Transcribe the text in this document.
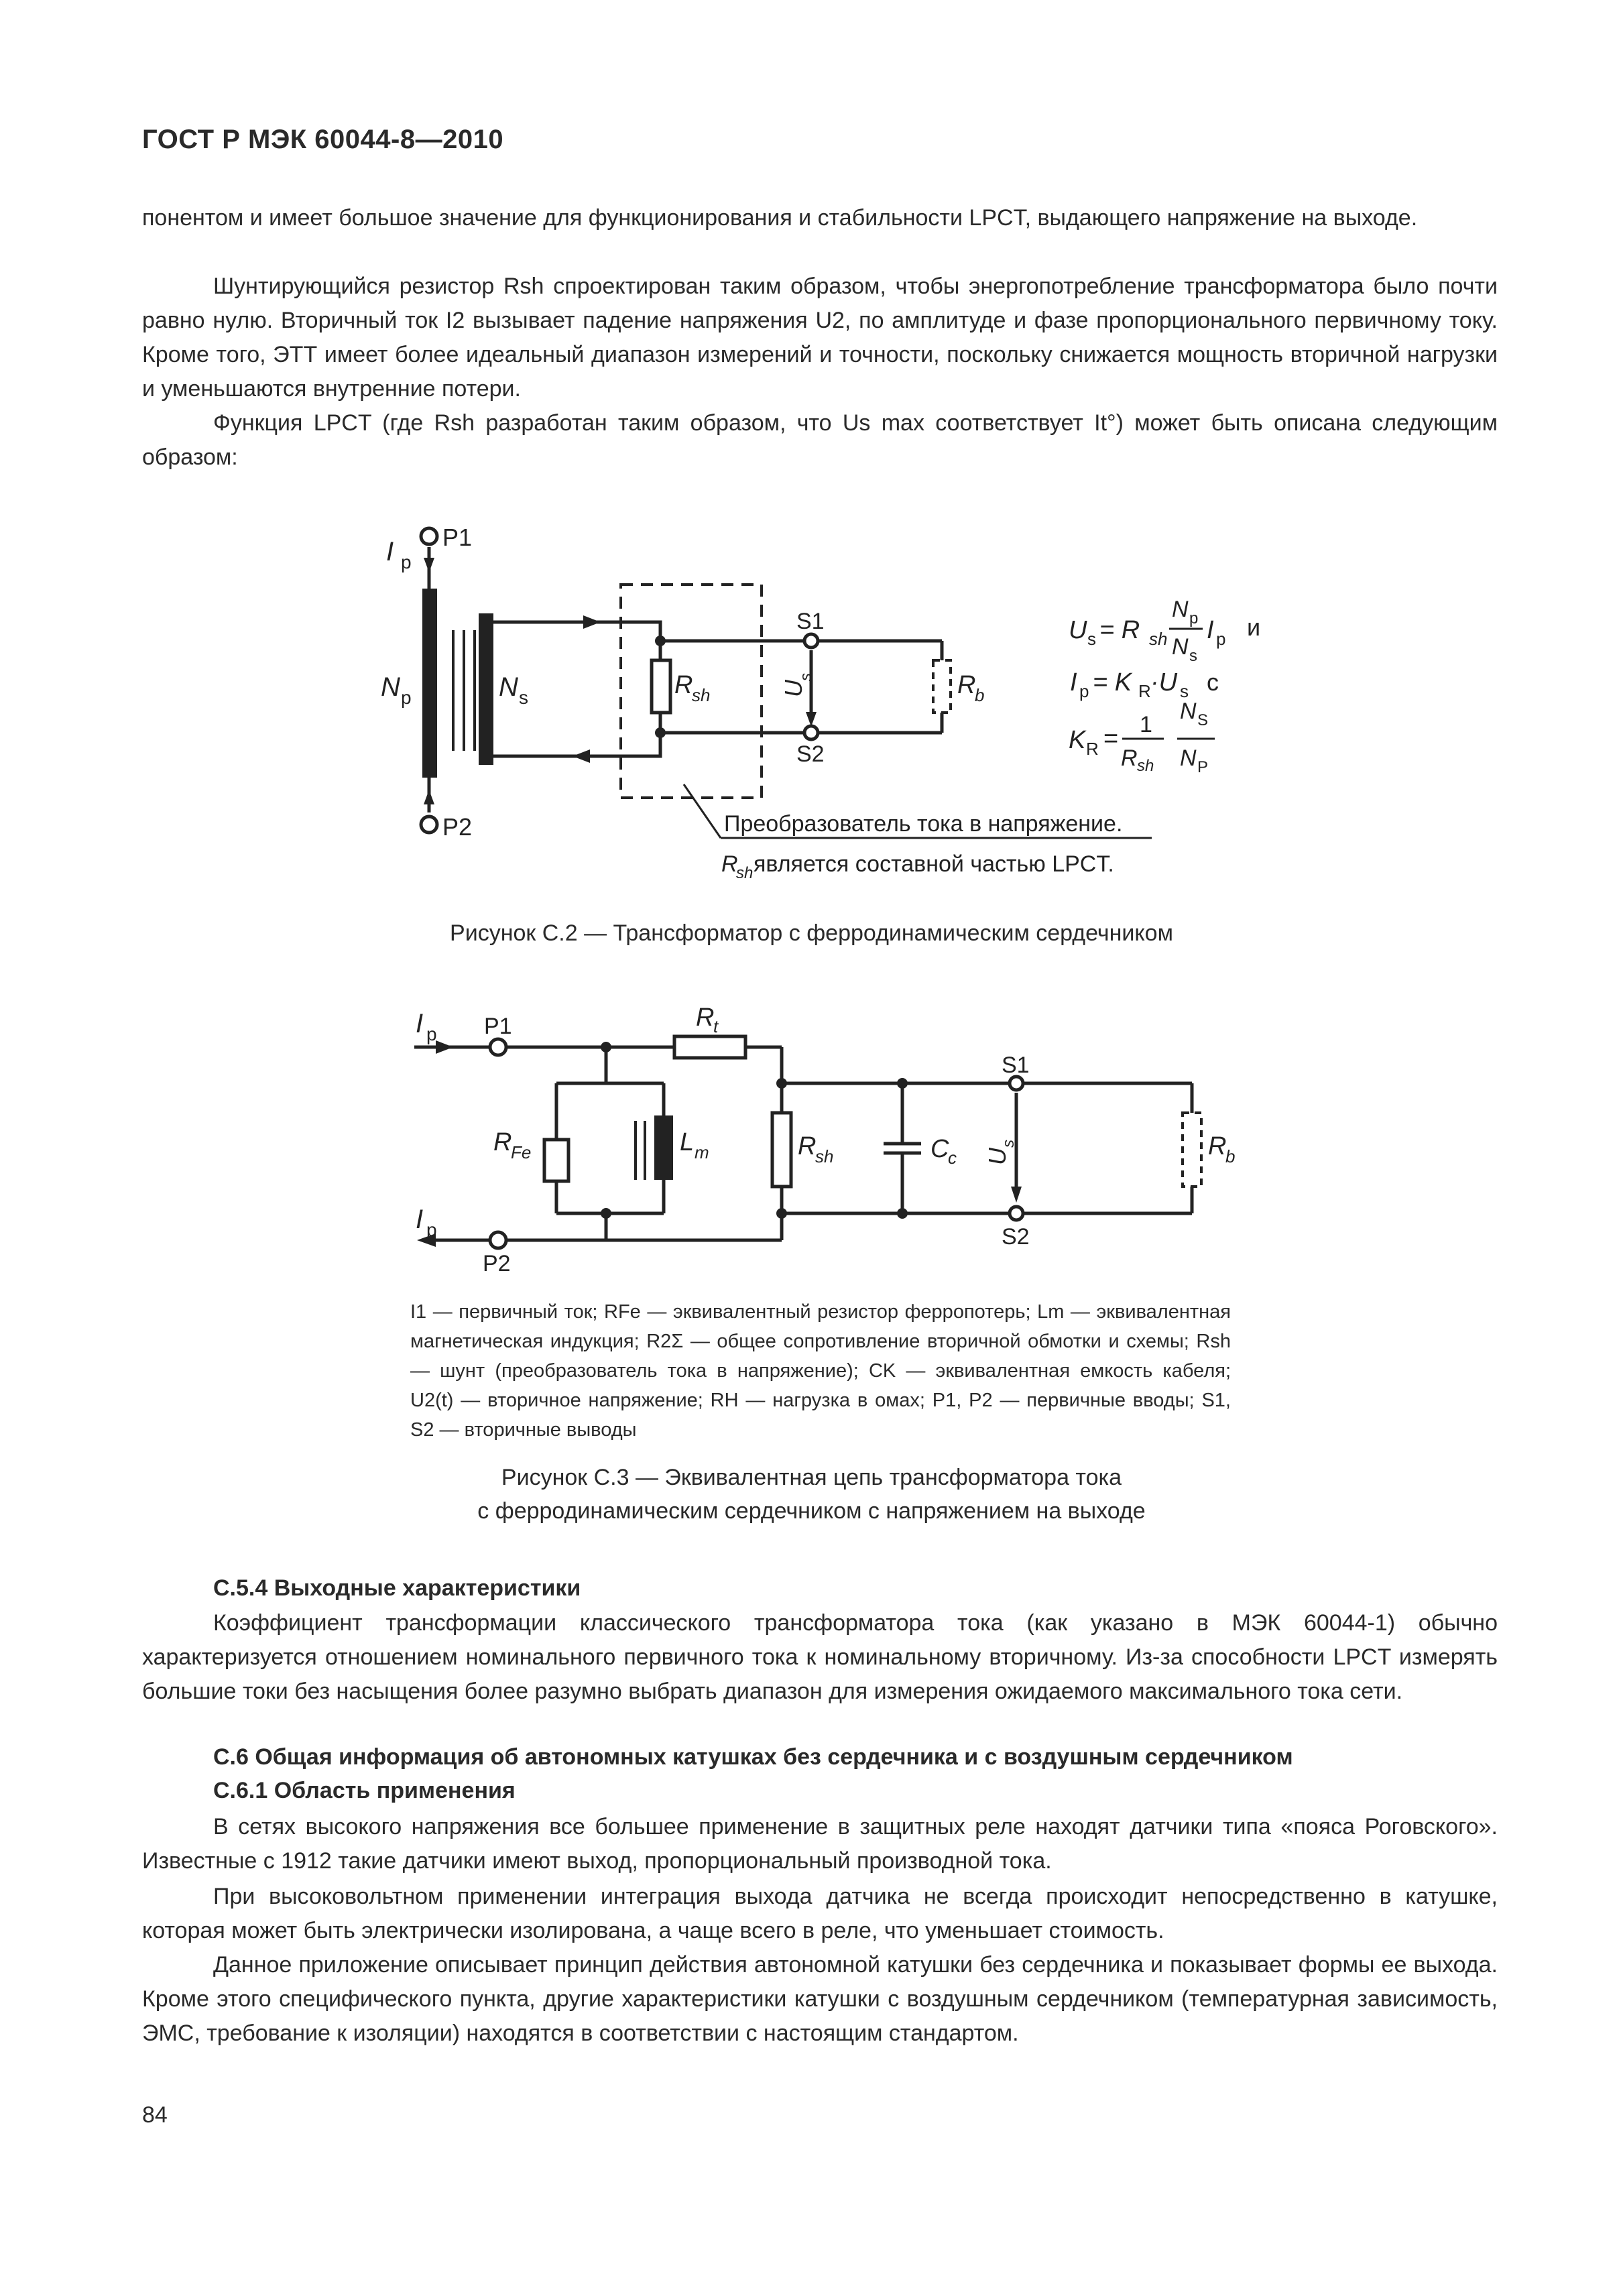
ГОСТ Р МЭК 60044-8—2010

понентом и имеет большое значение для функционирования и стабильности LPCT, выдающего напряжение на выходе.

Шунтирующийся резистор Rsh спроектирован таким образом, чтобы энергопотребление трансформатора было почти равно нулю. Вторичный ток I2 вызывает падение напряжения U2, по амплитуде и фазе пропорционального первичному току. Кроме того, ЭТТ имеет более идеальный диапазон измерений и точности, поскольку снижается мощность вторичной нагрузки и уменьшаются внутренние потери.

Функция LPCT (где Rsh разработан таким образом, что Us max соответствует It°) может быть описана следующим образом:

I p
P1
P2
N p	N s	R
sh	U
s	R
b
S1
S2
U s = R sh
N p
N s
I p и
I p = K R ·U s с
K R = 1
R sh
N S
N P
Преобразователь тока в напряжение.
R
sh является составной частью LPCT.
Рисунок С.2 — Трансформатор с ферродинамическим сердечником
I p P1
I p
P2
R
t
R
Fe	L m	R
sh	C
c U
s	R
b
S1
S2

I1 — первичный ток; RFe — эквивалентный резистор ферропотерь; Lm — эквивалентная магнетическая индукция; R2Σ — общее сопротивление вторичной обмотки и схемы; Rsh — шунт (преобразователь тока в напряжение); CK — эквивалентная емкость кабеля; U2(t) — вторичное напряжение; RH — нагрузка в омах; P1, P2 — первичные вводы; S1, S2 — вторичные выводы

Рисунок С.3 — Эквивалентная цепь трансформатора тока
с ферродинамическим сердечником с напряжением на выходе
С.5.4 Выходные характеристики

Коэффициент трансформации классического трансформатора тока (как указано в МЭК 60044-1) обычно характеризуется отношением номинального первичного тока к номинальному вторичному. Из-за способности LPCT измерять большие токи без насыщения более разумно выбрать диапазон для измерения ожидаемого максимального тока сети.

С.6 Общая информация об автономных катушках без сердечника и с воздушным сердечником
С.6.1 Область применения

В сетях высокого напряжения все большее применение в защитных реле находят датчики типа «пояса Роговского». Известные с 1912 такие датчики имеют выход, пропорциональный производной тока.

При высоковольтном применении интеграция выхода датчика не всегда происходит непосредственно в катушке, которая может быть электрически изолирована, а чаще всего в реле, что уменьшает стоимость.

Данное приложение описывает принцип действия автономной катушки без сердечника и показывает формы ее выхода. Кроме этого специфического пункта, другие характеристики катушки с воздушным сердечником (температурная зависимость, ЭМС, требование к изоляции) находятся в соответствии с настоящим стандартом.

84
